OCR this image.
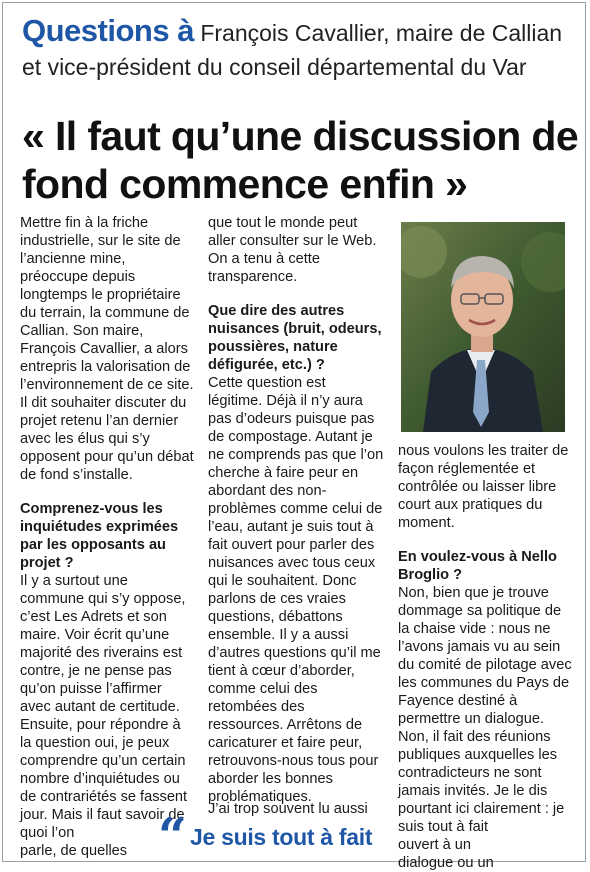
Questions à François Cavallier, maire de Callian et vice-président du conseil départemental du Var
« Il faut qu’une discussion de fond commence enfin »

Mettre fin à la friche industrielle, sur le site de l’ancienne mine, préoccupe depuis longtemps le propriétaire du terrain, la commune de Callian. Son maire, François Cavallier, a alors entrepris la valorisation de l’environnement de ce site. Il dit souhaiter discuter du projet retenu l’an dernier avec les élus qui s’y opposent pour qu’un débat de fond s’installe.

Comprenez-vous les inquiétudes exprimées par les opposants au projet ?

Il y a surtout une commune qui s’y oppose, c’est Les Adrets et son maire. Voir écrit qu’une majorité des riverains est contre, je ne pense pas qu’on puisse l’affirmer avec autant de certitude. Ensuite, pour répondre à la question oui, je peux comprendre qu’un certain nombre d’inquiétudes ou de contrariétés se fassent jour. Mais il faut savoir de quoi l’on

parle, de quelles

que tout le monde peut aller consulter sur le Web. On a tenu à cette transparence.

Que dire des autres nuisances (bruit, odeurs, poussières, nature défigurée, etc.) ?

Cette question est légitime. Déjà il n’y aura pas d’odeurs puisque pas de compostage. Autant je ne comprends pas que l’on cherche à faire peur en abordant des non-problèmes comme celui de l’eau, autant je suis tout à fait ouvert pour parler des nuisances avec tous ceux qui le souhaitent. Donc parlons de ces vraies questions, débattons ensemble. Il y a aussi d’autres questions qu’il me tient à cœur d’aborder, comme celui des retombées des ressources. Arrêtons de caricaturer et faire peur, retrouvons-nous tous pour aborder les bonnes problématiques.

J’ai trop souvent lu aussi

nous voulons les traiter de façon réglementée et contrôlée ou laisser libre court aux pratiques du moment.

En voulez-vous à Nello Broglio ?

Non, bien que je trouve dommage sa politique de la chaise vide : nous ne l’avons jamais vu au sein du comité de pilotage avec les communes du Pays de Fayence destiné à permettre un dialogue. Non, il fait des réunions publiques auxquelles les contradicteurs ne sont jamais invités. Je le dis pourtant ici clairement : je

suis tout à fait ouvert à un dialogue ou un

“ Je suis tout à fait
